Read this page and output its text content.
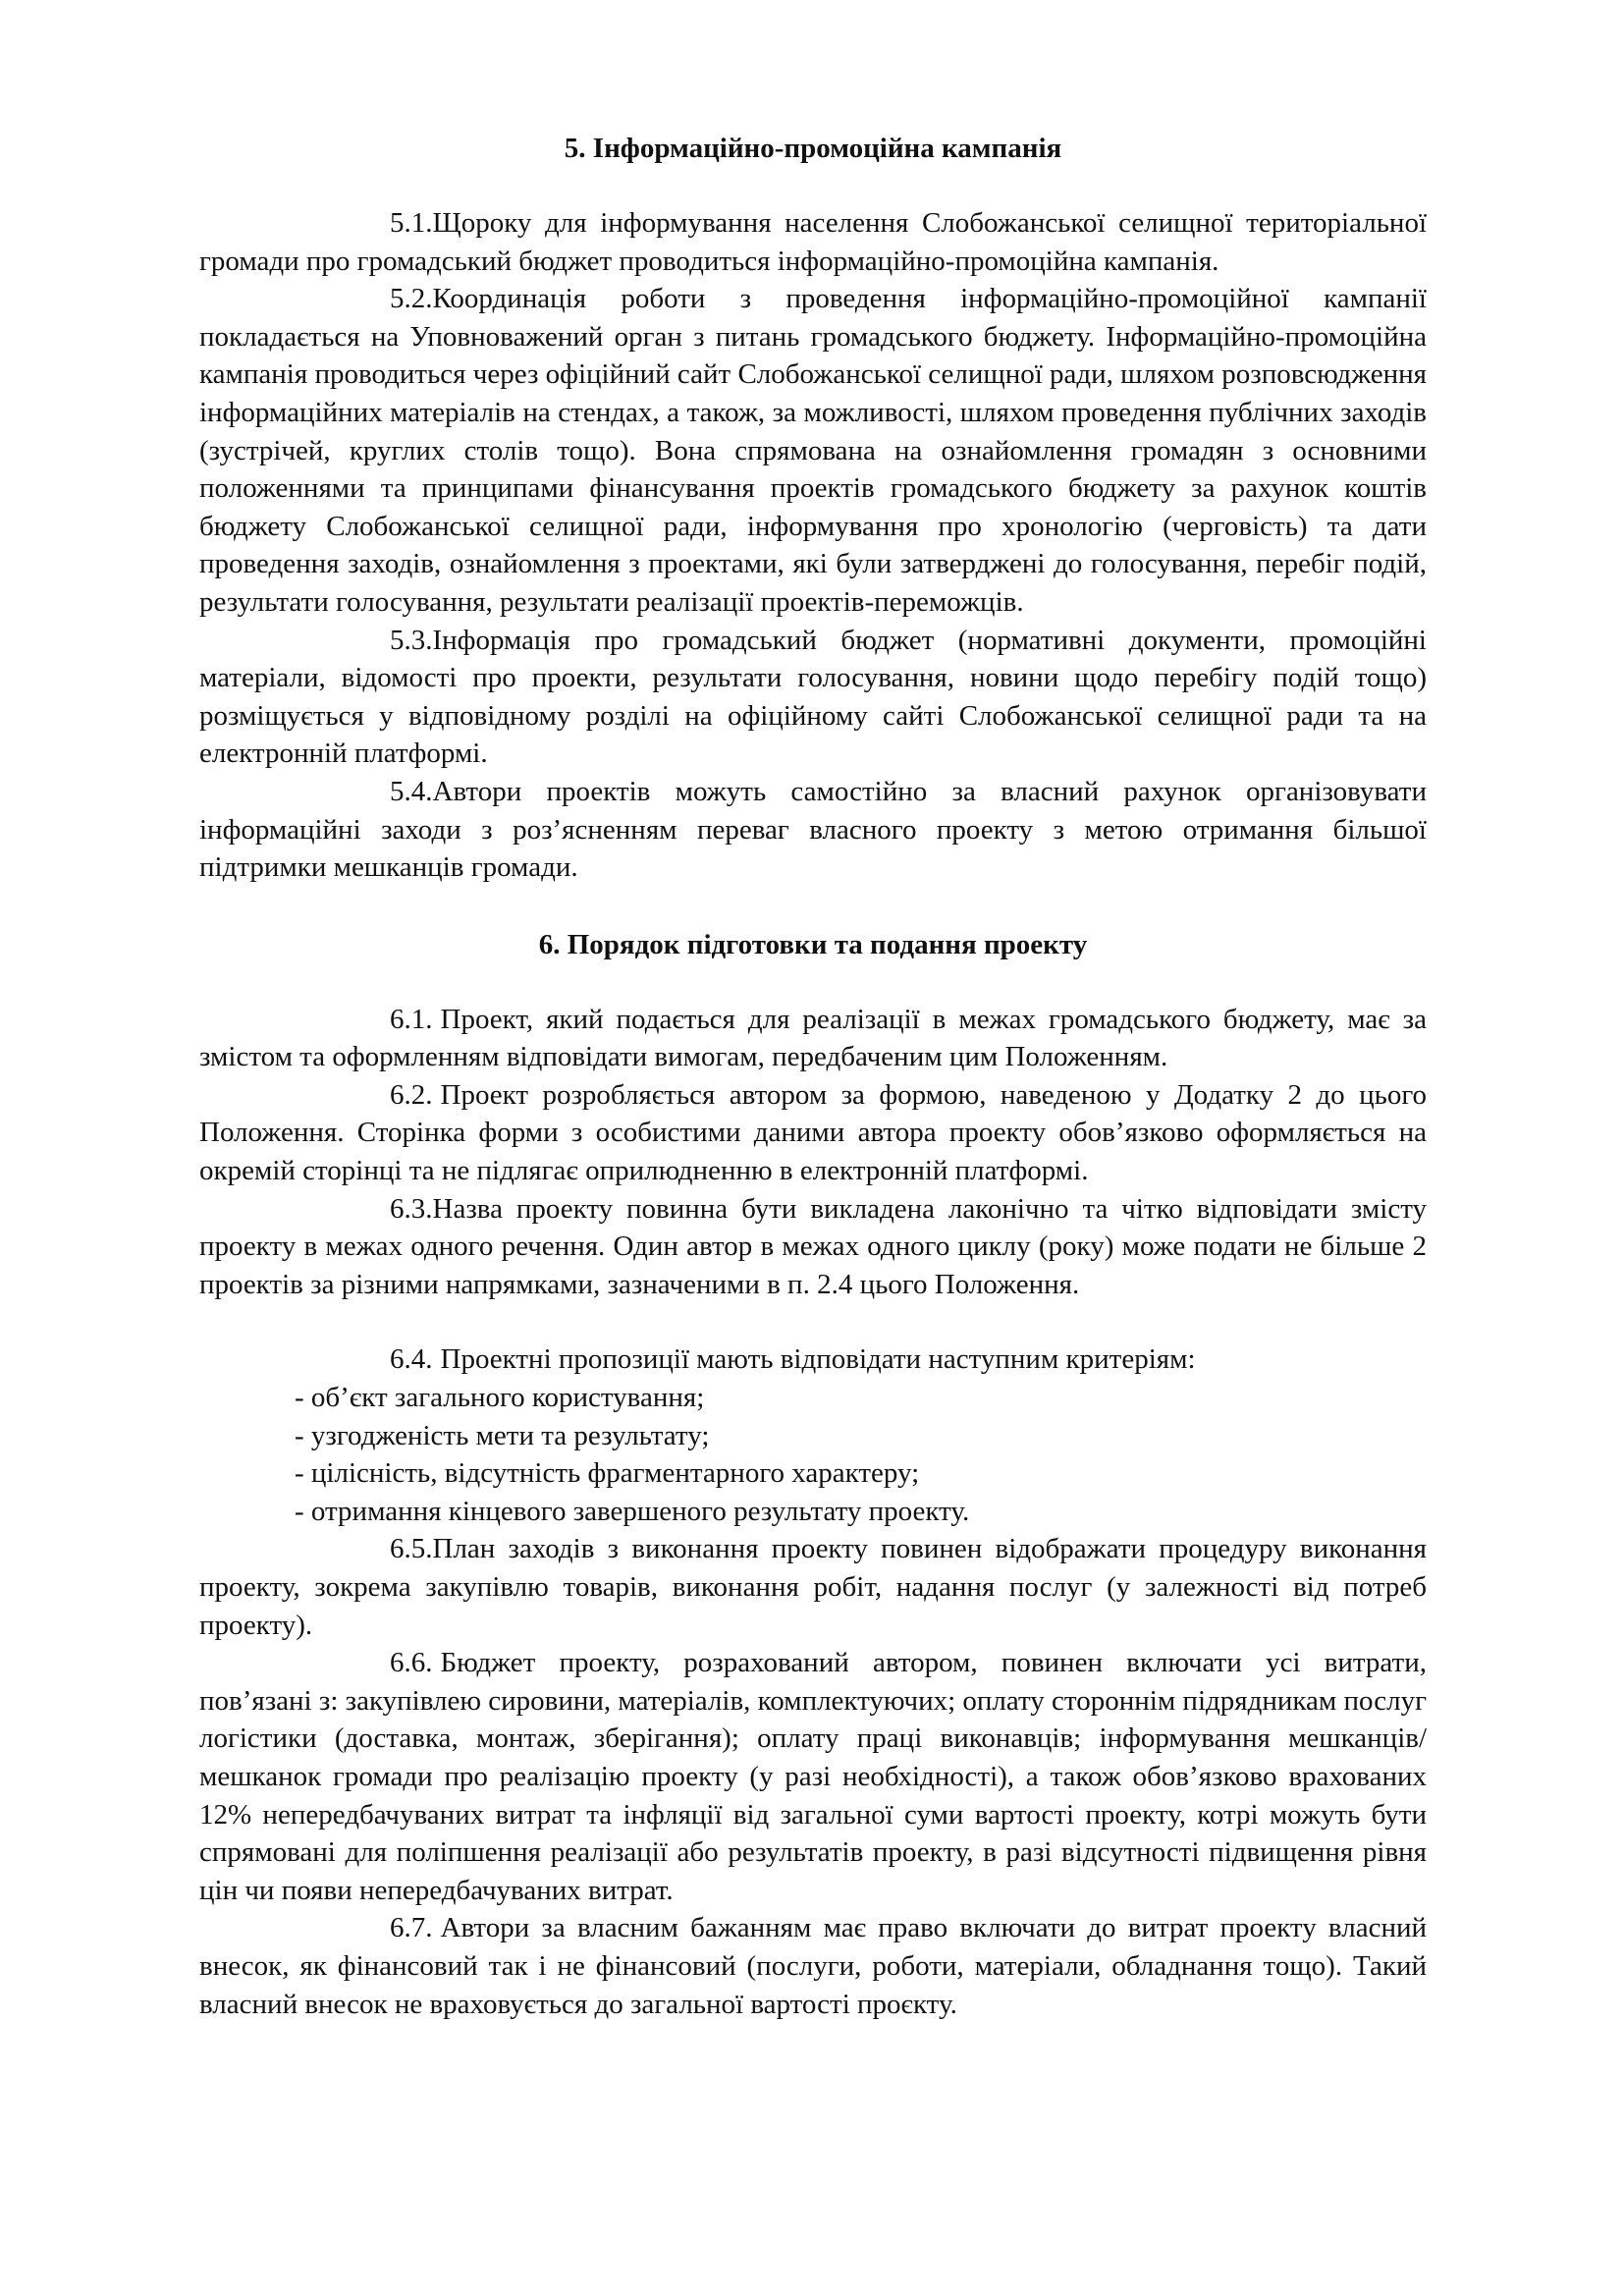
5. Інформаційно-промоційна кампанія

5.1.Щороку для інформування населення Слобожанської селищної територіальної громади про громадський бюджет проводиться інформаційно-промоційна кампанія.

5.2.Координація роботи з проведення інформаційно-промоційної кампанії покладається на Уповноважений орган з питань громадського бюджету. Інформаційно-промоційна кампанія проводиться через офіційний сайт Слобожанської селищної ради, шляхом розповсюдження інформаційних матеріалів на стендах, а також, за можливості, шляхом проведення публічних заходів (зустрічей, круглих столів тощо). Вона спрямована на ознайомлення громадян з основними положеннями та принципами фінансування проектів громадського бюджету за рахунок коштів бюджету Слобожанської селищної ради, інформування про хронологію (черговість) та дати проведення заходів, ознайомлення з проектами, які були затверджені до голосування, перебіг подій, результати голосування, результати реалізації проектів-переможців.

5.3.Інформація про громадський бюджет (нормативні документи, промоційні матеріали, відомості про проекти, результати голосування, новини щодо перебігу подій тощо) розміщується у відповідному розділі на офіційному сайті Слобожанської селищної ради та на електронній платформі.

5.4.Автори проектів можуть самостійно за власний рахунок організовувати інформаційні заходи з роз’ясненням переваг власного проекту з метою отримання більшої підтримки мешканців громади.

6. Порядок підготовки та подання проекту

6.1. Проект, який подається для реалізації в межах громадського бюджету, має за змістом та оформленням відповідати вимогам, передбаченим цим Положенням.

6.2. Проект розробляється автором за формою, наведеною у Додатку 2 до цього Положення. Сторінка форми з особистими даними автора проекту обов’язково оформляється на окремій сторінці та не підлягає оприлюдненню в електронній платформі.

6.3.Назва проекту повинна бути викладена лаконічно та чітко відповідати змісту проекту в межах одного речення. Один автор в межах одного циклу (року) може подати не більше 2 проектів за різними напрямками, зазначеними в п. 2.4 цього Положення.

6.4. Проектні пропозиції мають відповідати наступним критеріям:

- об’єкт загального користування;

- узгодженість мети та результату;

- цілісність, відсутність фрагментарного характеру;

- отримання кінцевого завершеного результату проекту.

6.5.План заходів з виконання проекту повинен відображати процедуру виконання проекту, зокрема закупівлю товарів, виконання робіт, надання послуг (у залежності від потреб проекту).

6.6. Бюджет проекту, розрахований автором, повинен включати усі витрати, пов’язані з: закупівлею сировини, матеріалів, комплектуючих; оплату стороннім підрядникам послуг логістики (доставка, монтаж, зберігання); оплату праці виконавців; інформування мешканців/ мешканок громади про реалізацію проекту (у разі необхідності), а також обов’язково врахованих 12% непередбачуваних витрат та інфляції від загальної суми вартості проекту, котрі можуть бути спрямовані для поліпшення реалізації або результатів проекту, в разі відсутності підвищення рівня цін чи появи непередбачуваних витрат.

6.7. Автори за власним бажанням має право включати до витрат проекту власний внесок, як фінансовий так і не фінансовий (послуги, роботи, матеріали, обладнання тощо). Такий власний внесок не враховується до загальної вартості проєкту.
